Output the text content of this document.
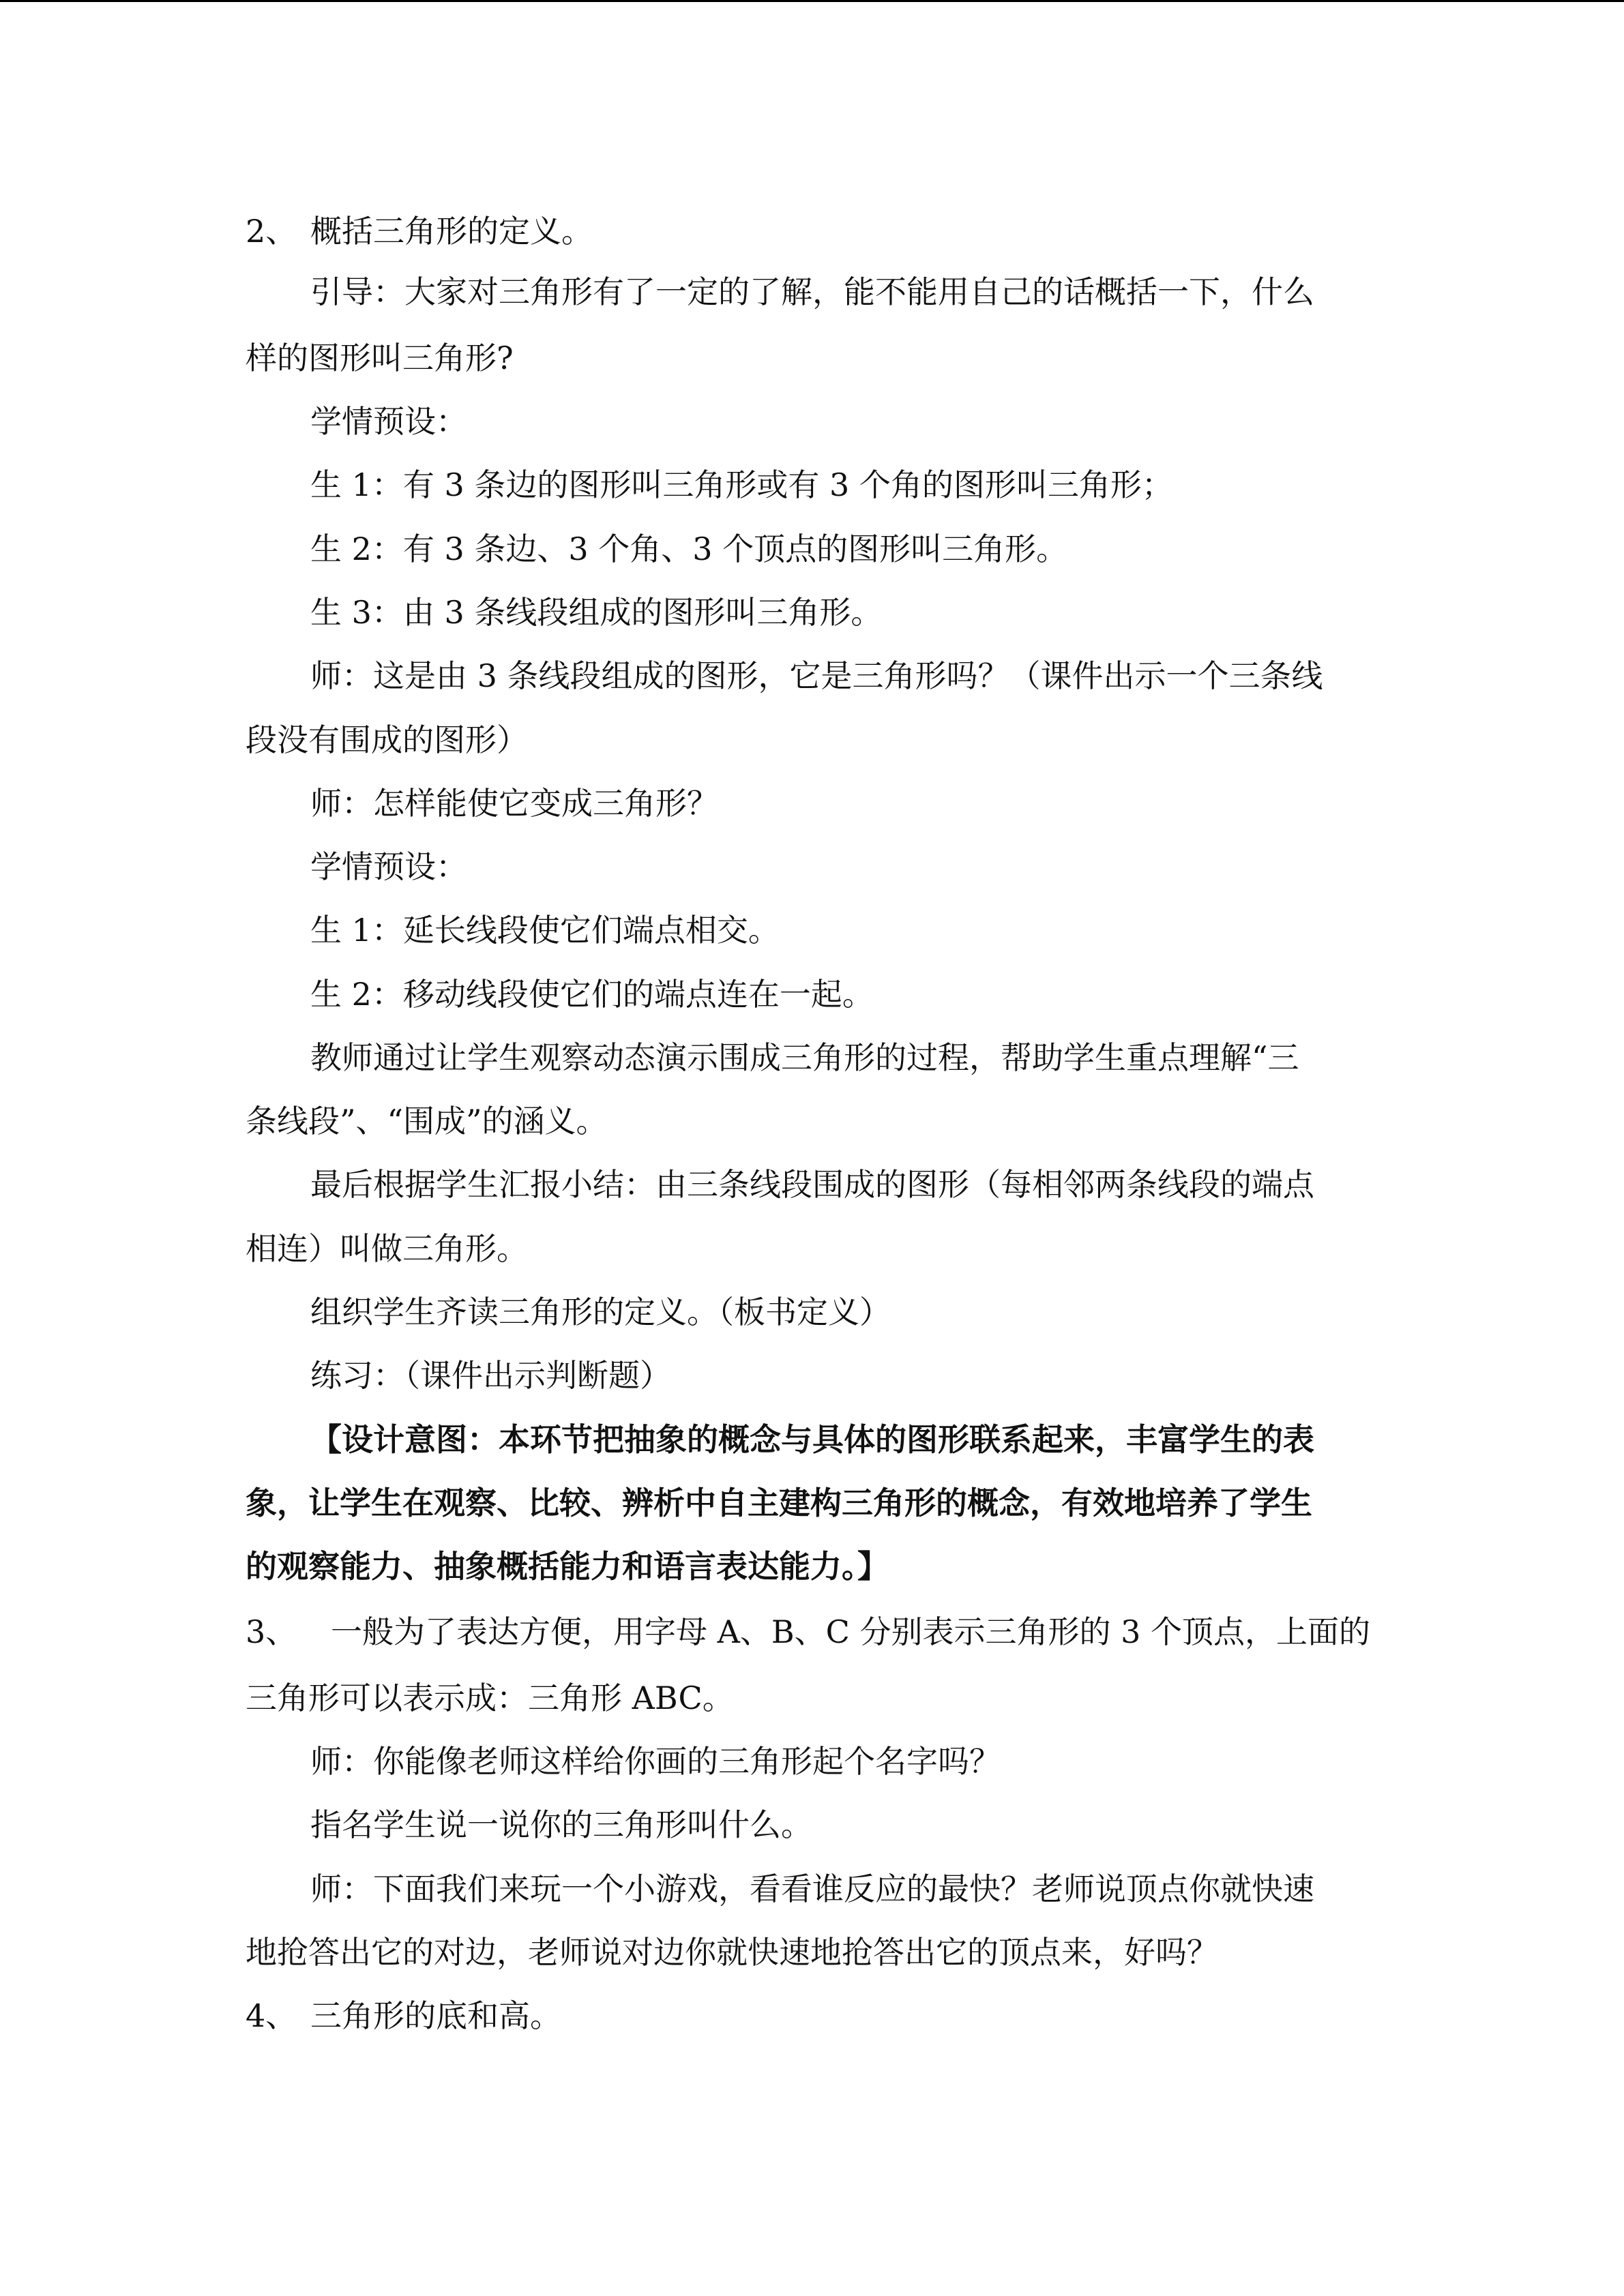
2、 概括三角形的定义。
引导：大家对三角形有了一定的了解，能不能用自己的话概括一下，什么
样的图形叫三角形?
学情预设：
生 1：有 3 条边的图形叫三角形或有 3 个角的图形叫三角形；
生 2：有 3 条边、3 个角、3 个顶点的图形叫三角形。
生 3：由 3 条线段组成的图形叫三角形。
师：这是由 3 条线段组成的图形，它是三角形吗？（课件出示一个三条线
段没有围成的图形）
师：怎样能使它变成三角形？
学情预设：
生 1：延长线段使它们端点相交。
生 2：移动线段使它们的端点连在一起。
教师通过让学生观察动态演示围成三角形的过程，帮助学生重点理解“三
条线段”、“围成”的涵义。
最后根据学生汇报小结：由三条线段围成的图形（每相邻两条线段的端点
相连）叫做三角形。
组织学生齐读三角形的定义。（板书定义）
练习：（课件出示判断题）
【设计意图：本环节把抽象的概念与具体的图形联系起来，丰富学生的表
象，让学生在观察、比较、辨析中自主建构三角形的概念，有效地培养了学生
的观察能力、抽象概括能力和语言表达能力。】
3、 一般为了表达方便，用字母 A、B、C 分别表示三角形的 3 个顶点，上面的
三角形可以表示成：三角形 ABC。
师：你能像老师这样给你画的三角形起个名字吗？
指名学生说一说你的三角形叫什么。
师：下面我们来玩一个小游戏，看看谁反应的最快？老师说顶点你就快速
地抢答出它的对边，老师说对边你就快速地抢答出它的顶点来，好吗？
4、 三角形的底和高。
